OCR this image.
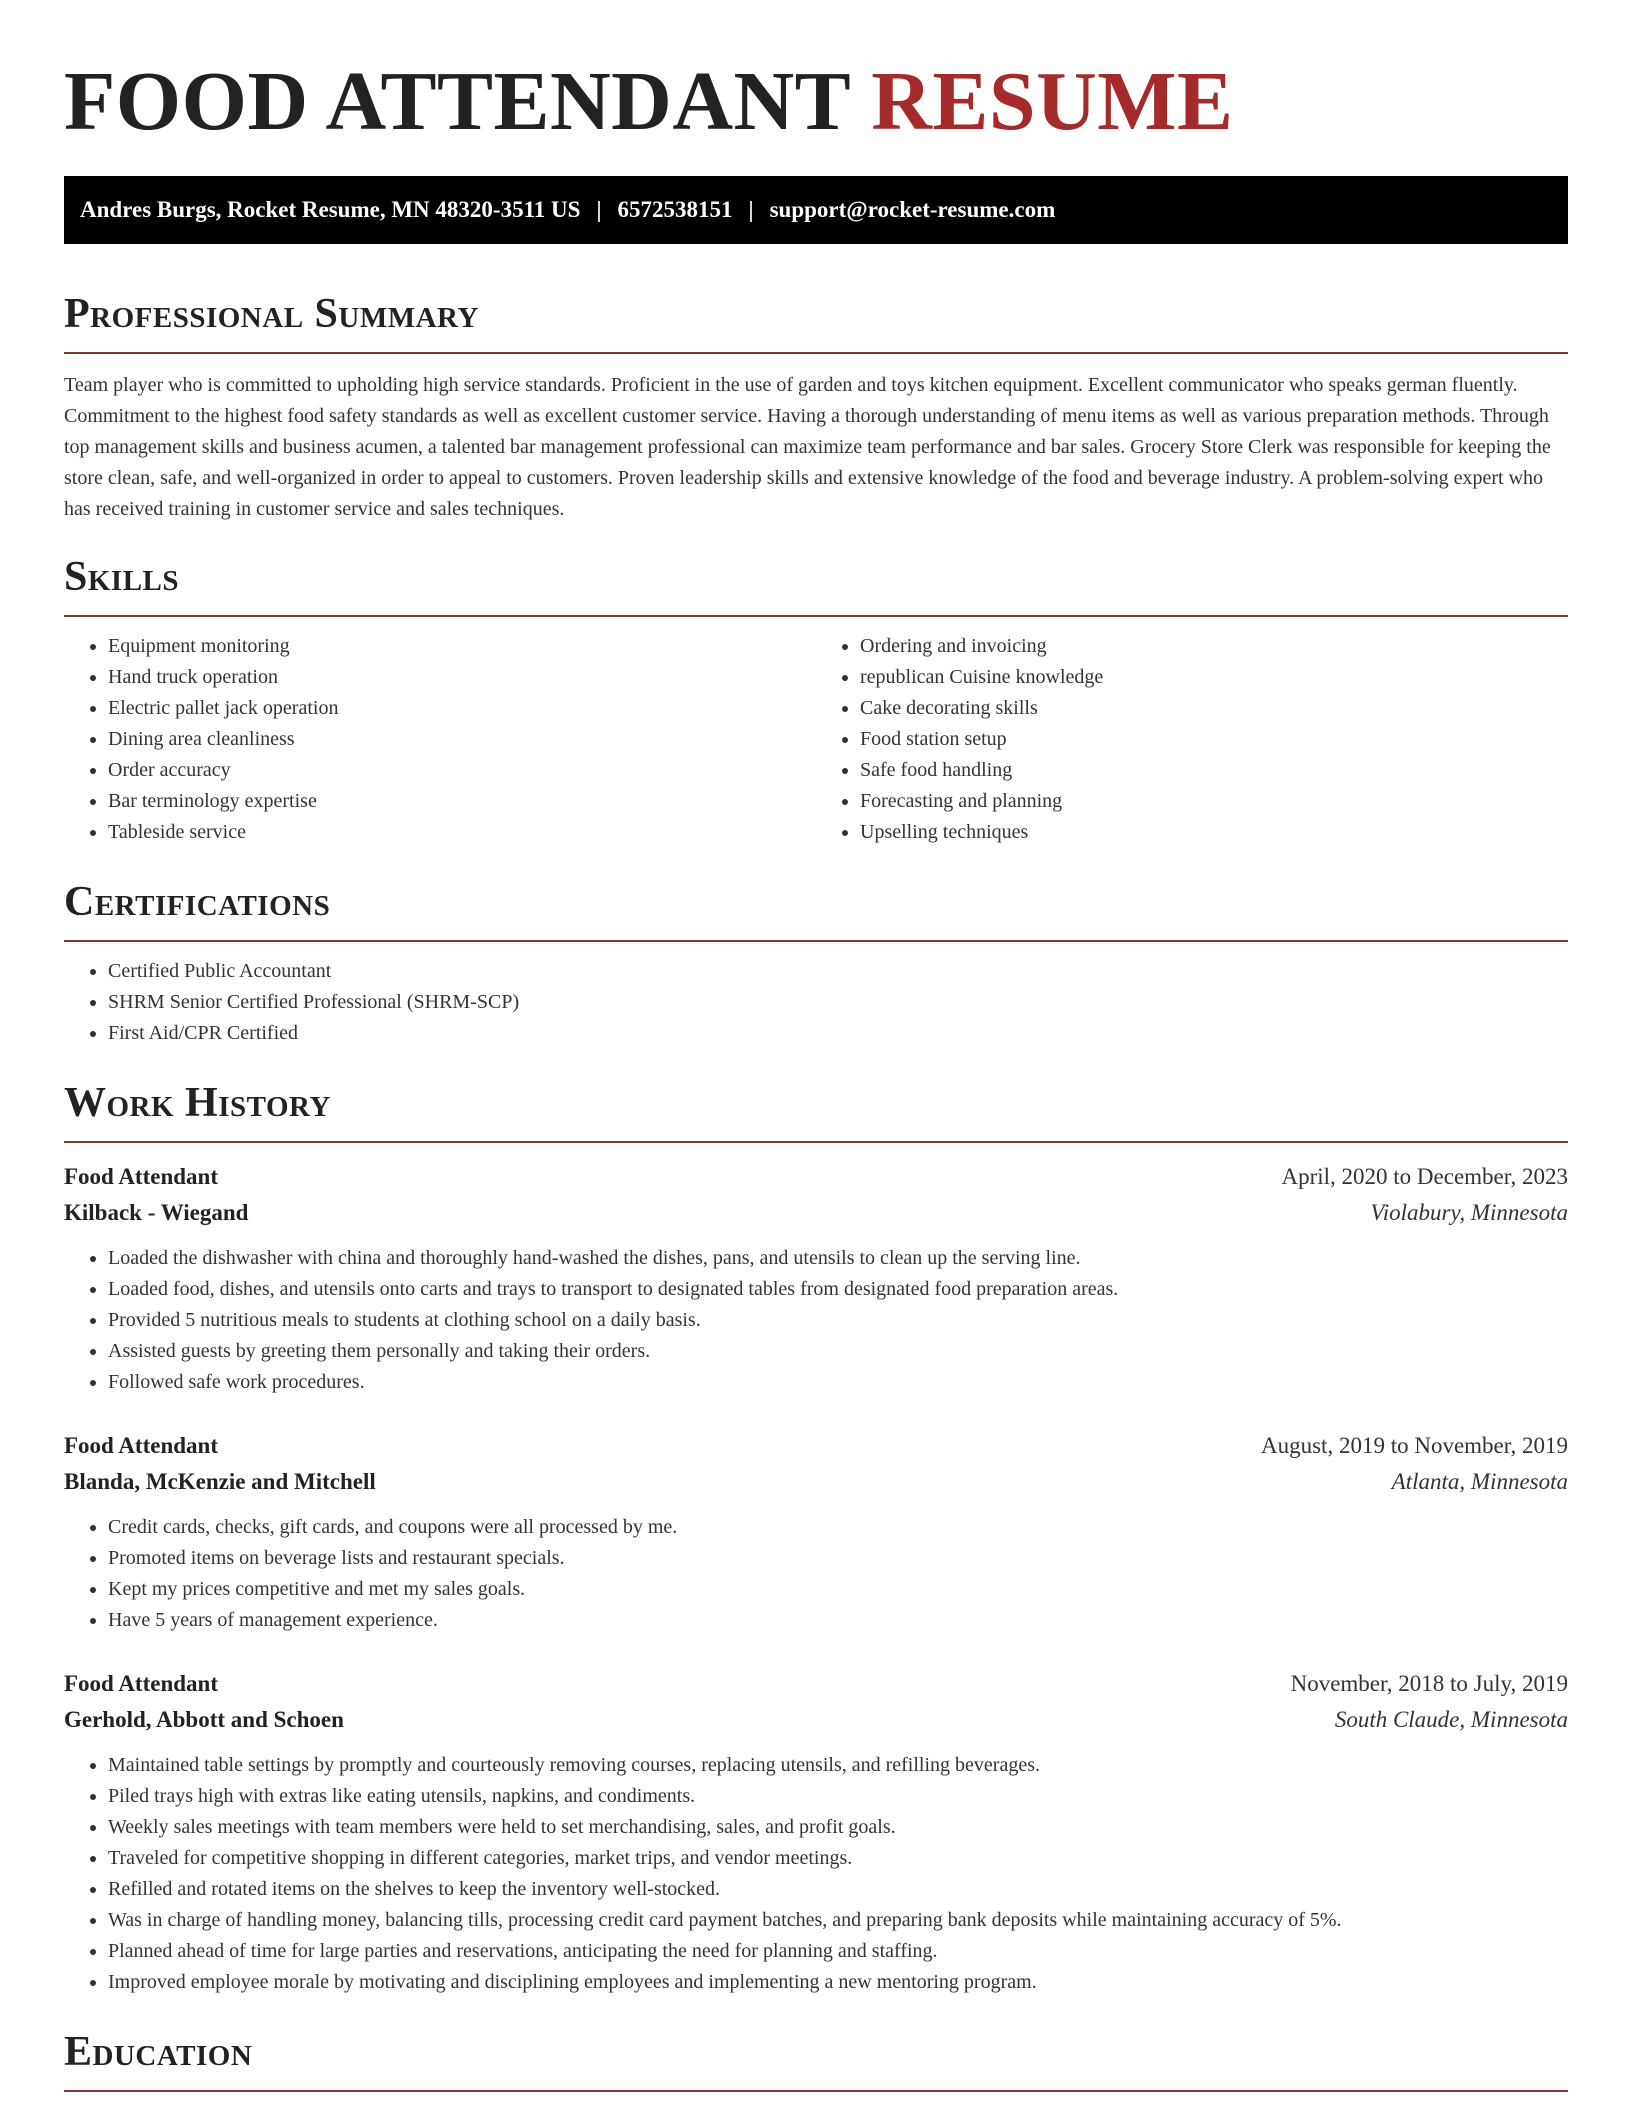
FOOD ATTENDANT RESUME
Andres Burgs, Rocket Resume, MN 48320-3511 US | 6572538151 | support@rocket-resume.com
Professional Summary

Team player who is committed to upholding high service standards. Proficient in the use of garden and toys kitchen equipment. Excellent communicator who speaks german fluently. Commitment to the highest food safety standards as well as excellent customer service. Having a thorough understanding of menu items as well as various preparation methods. Through top management skills and business acumen, a talented bar management professional can maximize team performance and bar sales. Grocery Store Clerk was responsible for keeping the store clean, safe, and well-organized in order to appeal to customers. Proven leadership skills and extensive knowledge of the food and beverage industry. A problem-solving expert who has received training in customer service and sales techniques.

Skills
• Equipment monitoring
• Hand truck operation
• Electric pallet jack operation
• Dining area cleanliness
• Order accuracy
• Bar terminology expertise
• Tableside service
• Ordering and invoicing
• republican Cuisine knowledge
• Cake decorating skills
• Food station setup
• Safe food handling
• Forecasting and planning
• Upselling techniques
Certifications
• Certified Public Accountant
• SHRM Senior Certified Professional (SHRM-SCP)
• First Aid/CPR Certified
Work History
Food Attendant	April, 2020 to December, 2023
Kilback - Wiegand	Violabury, Minnesota
• Loaded the dishwasher with china and thoroughly hand-washed the dishes, pans, and utensils to clean up the serving line.
• Loaded food, dishes, and utensils onto carts and trays to transport to designated tables from designated food preparation areas.
• Provided 5 nutritious meals to students at clothing school on a daily basis.
• Assisted guests by greeting them personally and taking their orders.
• Followed safe work procedures.
Food Attendant	August, 2019 to November, 2019
Blanda, McKenzie and Mitchell	Atlanta, Minnesota
• Credit cards, checks, gift cards, and coupons were all processed by me.
• Promoted items on beverage lists and restaurant specials.
• Kept my prices competitive and met my sales goals.
• Have 5 years of management experience.
Food Attendant	November, 2018 to July, 2019
Gerhold, Abbott and Schoen	South Claude, Minnesota
• Maintained table settings by promptly and courteously removing courses, replacing utensils, and refilling beverages.
• Piled trays high with extras like eating utensils, napkins, and condiments.
• Weekly sales meetings with team members were held to set merchandising, sales, and profit goals.
• Traveled for competitive shopping in different categories, market trips, and vendor meetings.
• Refilled and rotated items on the shelves to keep the inventory well-stocked.
• Was in charge of handling money, balancing tills, processing credit card payment batches, and preparing bank deposits while maintaining accuracy of 5%.
• Planned ahead of time for large parties and reservations, anticipating the need for planning and staffing.
• Improved employee morale by motivating and disciplining employees and implementing a new mentoring program.
Education
